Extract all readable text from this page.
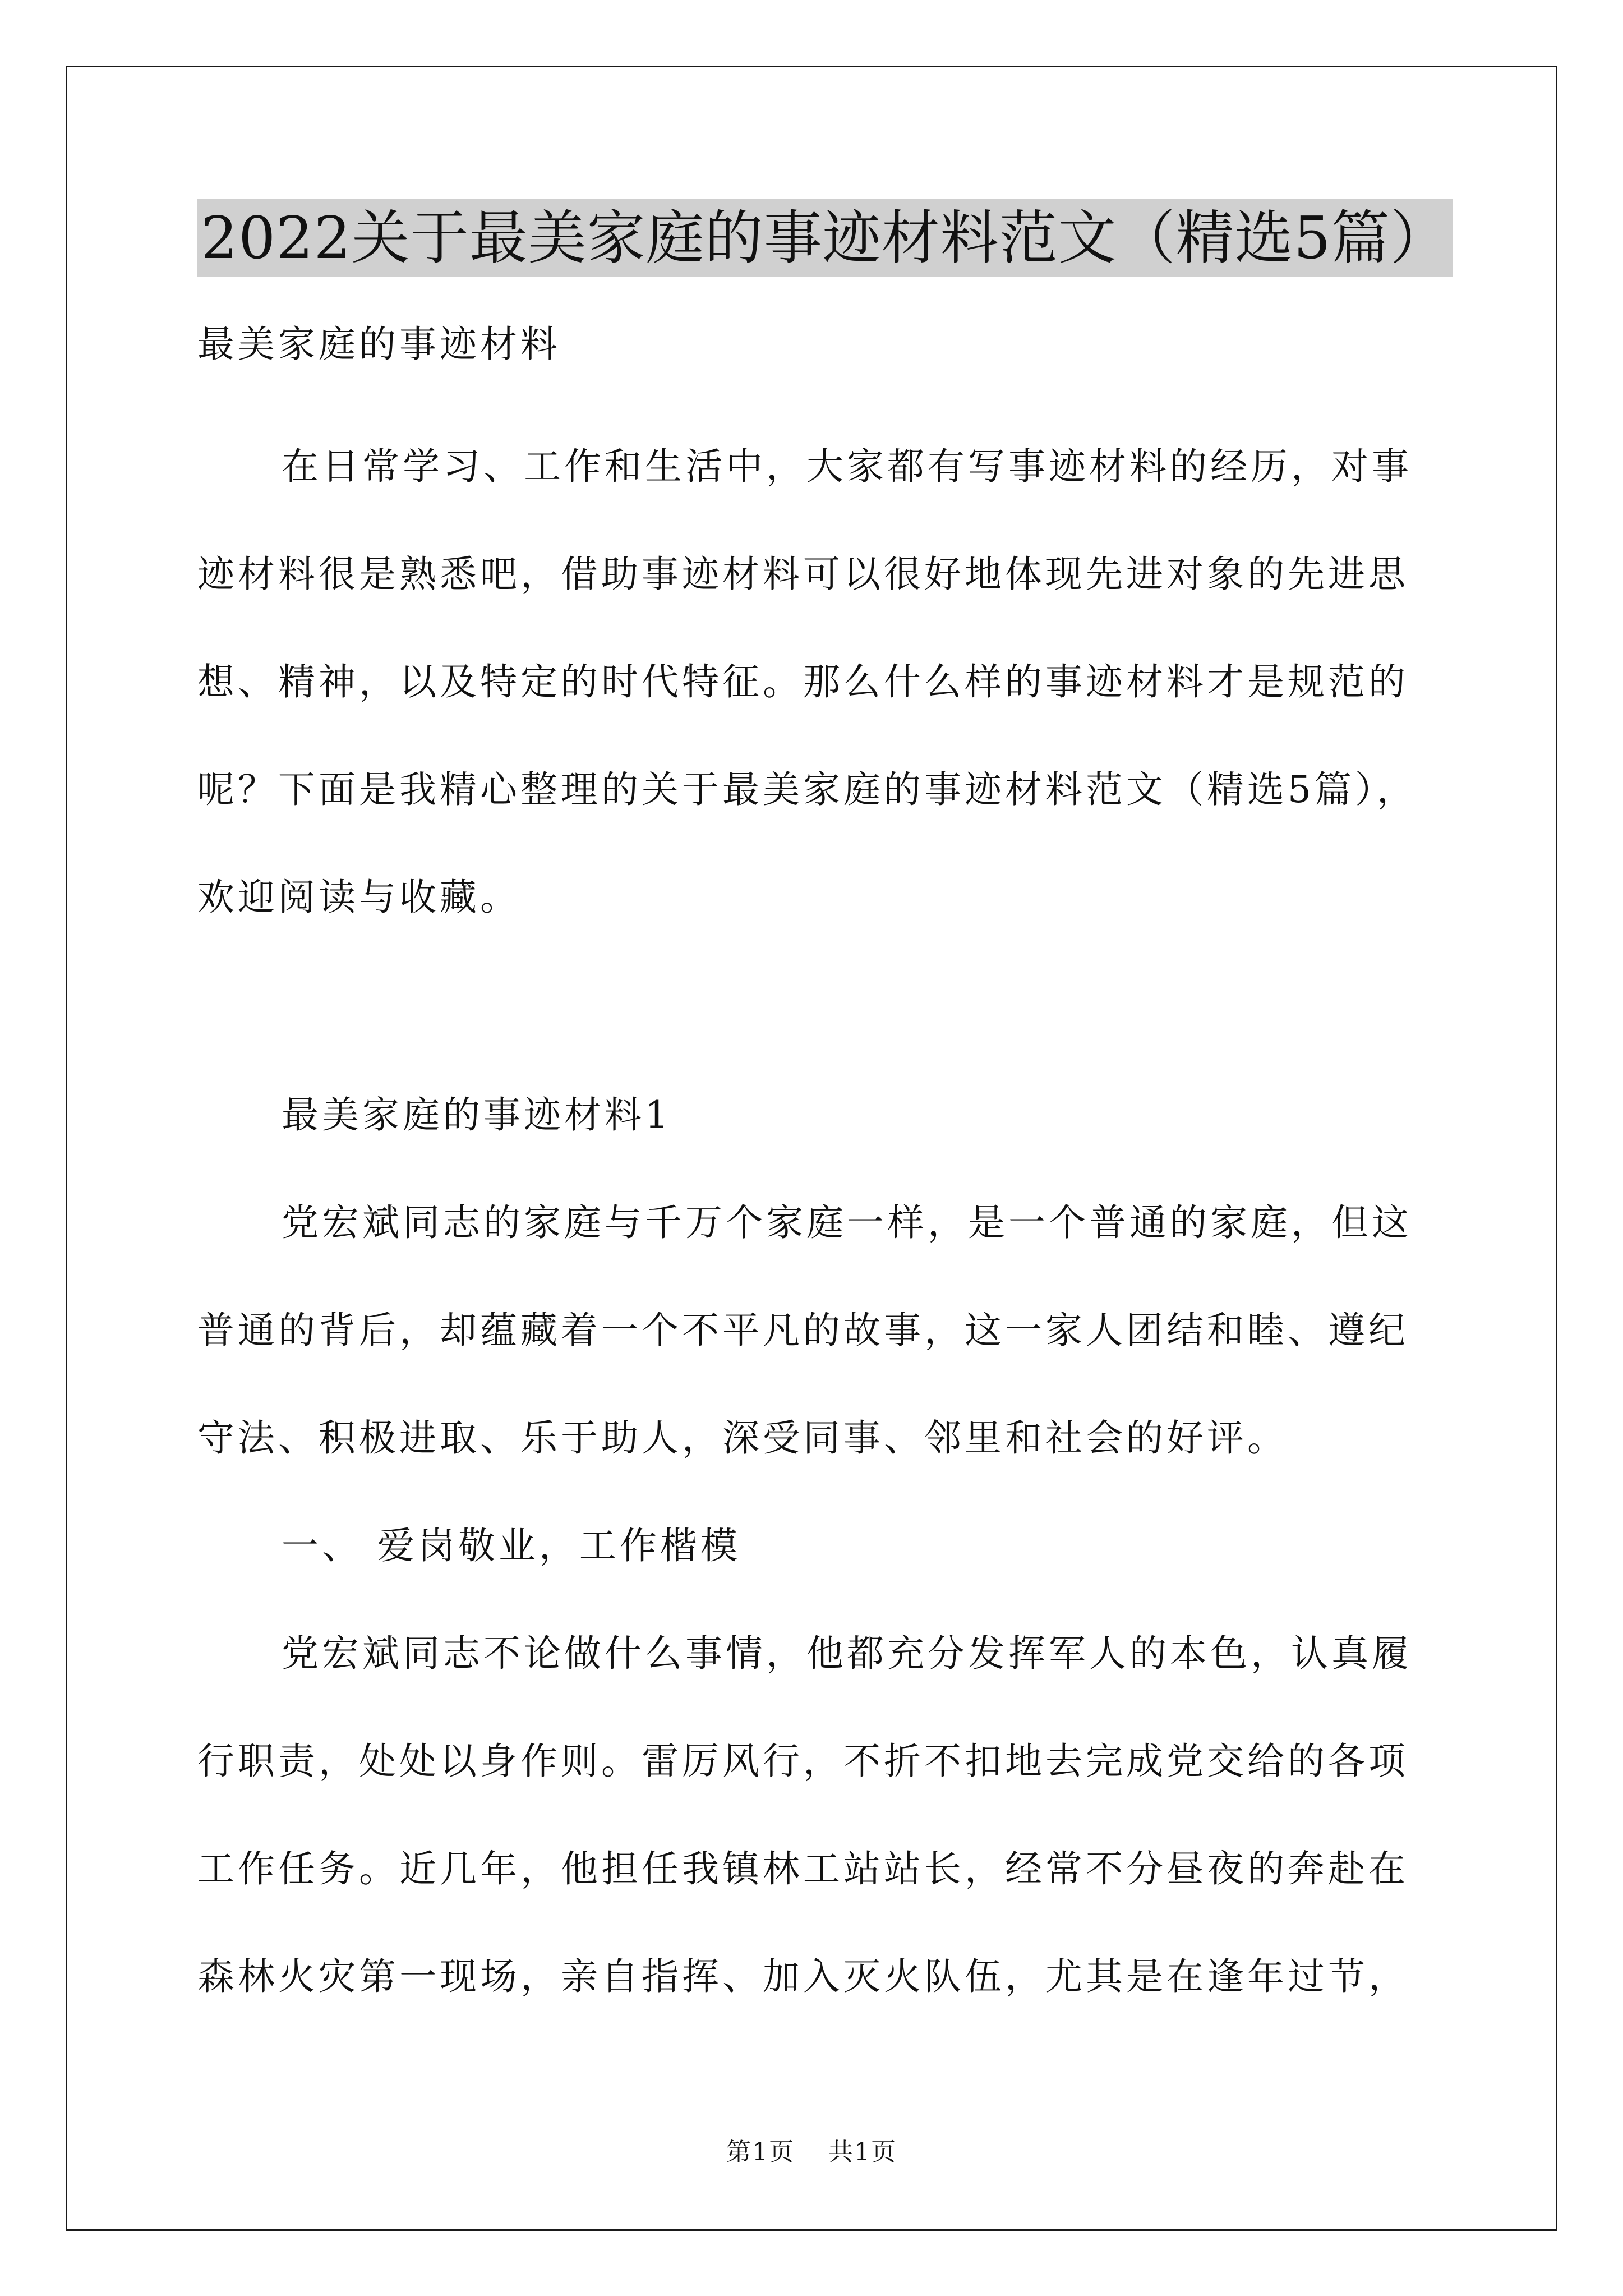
2022关于最美家庭的事迹材料范文（精选5篇）
最美家庭的事迹材料
在日常学习、工作和生活中，大家都有写事迹材料的经历，对事
迹材料很是熟悉吧，借助事迹材料可以很好地体现先进对象的先进思
想、精神，以及特定的时代特征。那么什么样的事迹材料才是规范的
呢？下面是我精心整理的关于最美家庭的事迹材料范文（精选5篇），
欢迎阅读与收藏。
最美家庭的事迹材料1
党宏斌同志的家庭与千万个家庭一样，是一个普通的家庭，但这
普通的背后，却蕴藏着一个不平凡的故事，这一家人团结和睦、遵纪
守法、积极进取、乐于助人，深受同事、邻里和社会的好评。
一、 爱岗敬业，工作楷模
党宏斌同志不论做什么事情，他都充分发挥军人的本色，认真履
行职责，处处以身作则。雷厉风行，不折不扣地去完成党交给的各项
工作任务。近几年，他担任我镇林工站站长，经常不分昼夜的奔赴在
森林火灾第一现场，亲自指挥、加入灭火队伍，尤其是在逢年过节，
第1页 共1页
